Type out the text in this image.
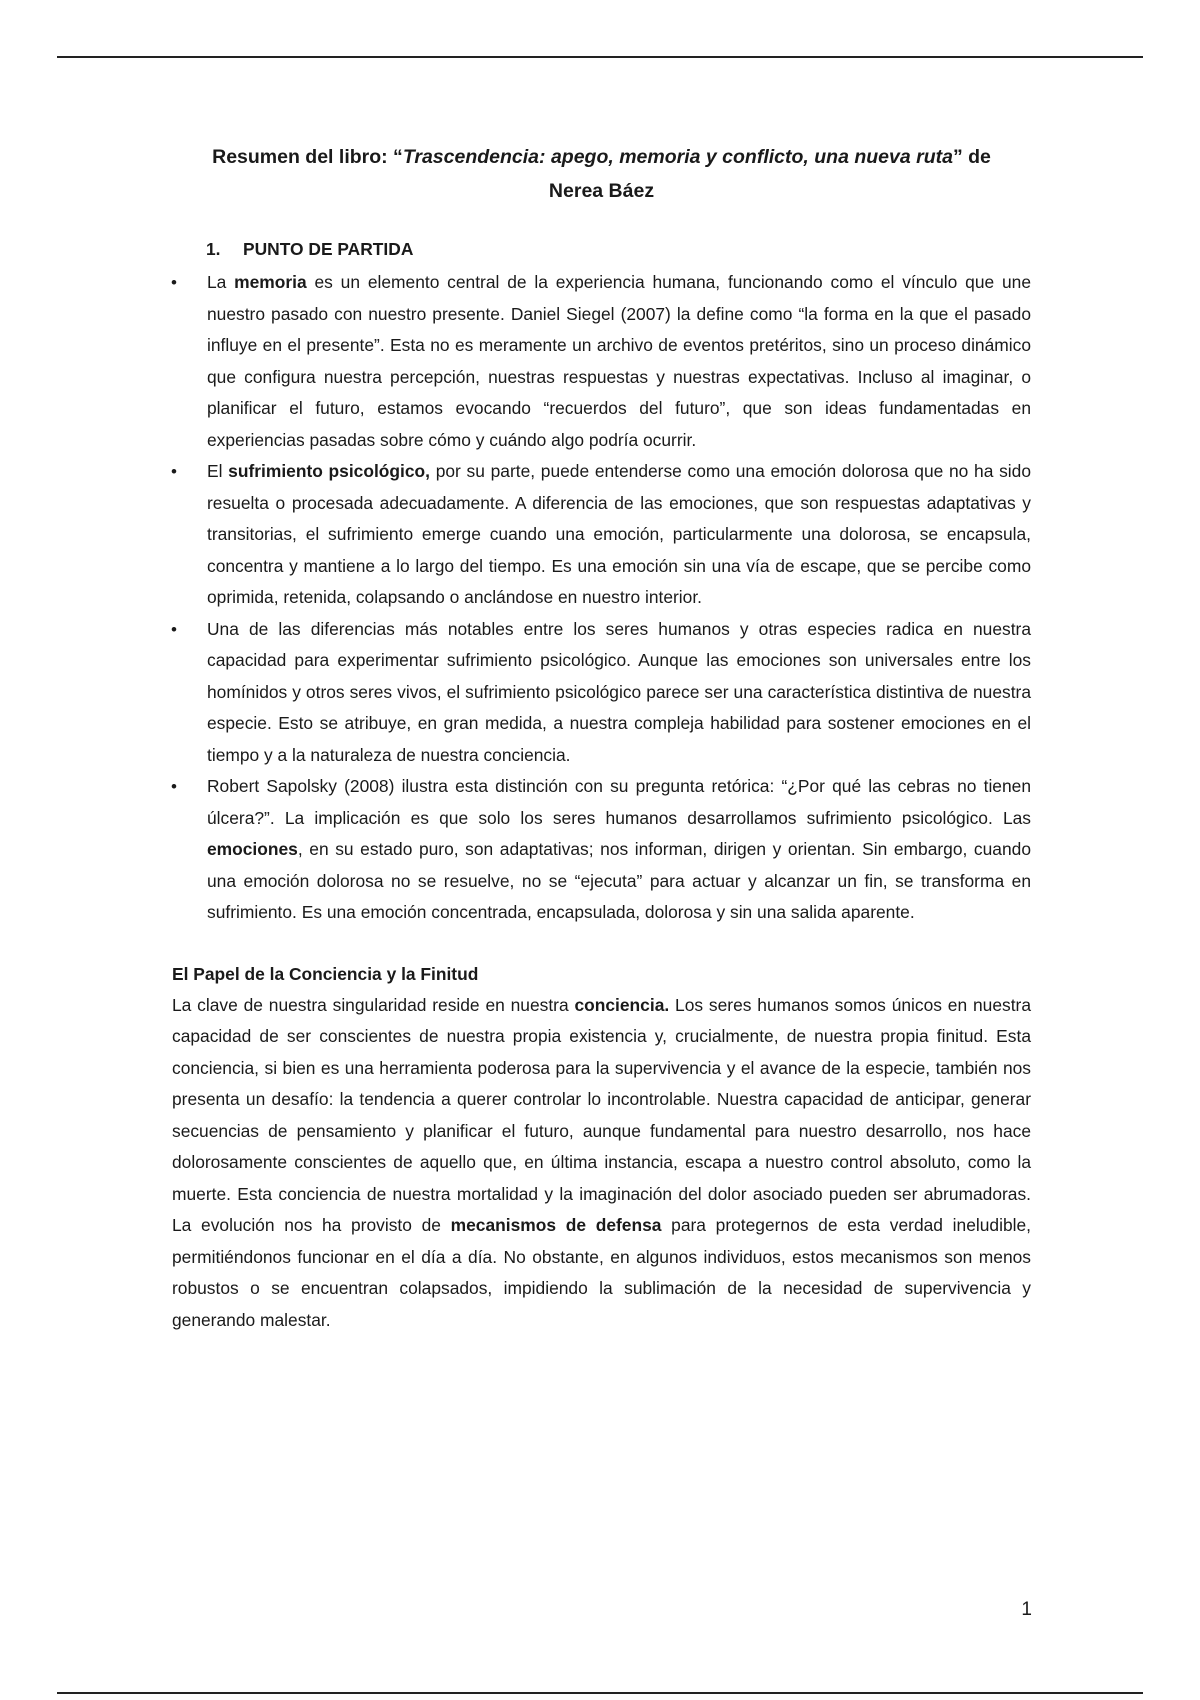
Resumen del libro: “Trascendencia: apego, memoria y conflicto, una nueva ruta” de
Nerea Báez
1. PUNTO DE PARTIDA
• La memoria es un elemento central de la experiencia humana, funcionando como el vínculo que une nuestro pasado con nuestro presente. Daniel Siegel (2007) la define como “la forma en la que el pasado influye en el presente”. Esta no es meramente un archivo de eventos pretéritos, sino un proceso dinámico que configura nuestra percepción, nuestras respuestas y nuestras expectativas. Incluso al imaginar, o planificar el futuro, estamos evocando “recuerdos del futuro”, que son ideas fundamentadas en experiencias pasadas sobre cómo y cuándo algo podría ocurrir.
• El sufrimiento psicológico, por su parte, puede entenderse como una emoción dolorosa que no ha sido resuelta o procesada adecuadamente. A diferencia de las emociones, que son respuestas adaptativas y transitorias, el sufrimiento emerge cuando una emoción, particularmente una dolorosa, se encapsula, concentra y mantiene a lo largo del tiempo. Es una emoción sin una vía de escape, que se percibe como oprimida, retenida, colapsando o anclándose en nuestro interior.
• Una de las diferencias más notables entre los seres humanos y otras especies radica en nuestra capacidad para experimentar sufrimiento psicológico. Aunque las emociones son universales entre los homínidos y otros seres vivos, el sufrimiento psicológico parece ser una característica distintiva de nuestra especie. Esto se atribuye, en gran medida, a nuestra compleja habilidad para sostener emociones en el tiempo y a la naturaleza de nuestra conciencia.
• Robert Sapolsky (2008) ilustra esta distinción con su pregunta retórica: “¿Por qué las cebras no tienen úlcera?”. La implicación es que solo los seres humanos desarrollamos sufrimiento psicológico. Las emociones, en su estado puro, son adaptativas; nos informan, dirigen y orientan. Sin embargo, cuando una emoción dolorosa no se resuelve, no se “ejecuta” para actuar y alcanzar un fin, se transforma en sufrimiento. Es una emoción concentrada, encapsulada, dolorosa y sin una salida aparente.
El Papel de la Conciencia y la Finitud

La clave de nuestra singularidad reside en nuestra conciencia. Los seres humanos somos únicos en nuestra capacidad de ser conscientes de nuestra propia existencia y, crucialmente, de nuestra propia finitud. Esta conciencia, si bien es una herramienta poderosa para la supervivencia y el avance de la especie, también nos presenta un desafío: la tendencia a querer controlar lo incontrolable. Nuestra capacidad de anticipar, generar secuencias de pensamiento y planificar el futuro, aunque fundamental para nuestro desarrollo, nos hace dolorosamente conscientes de aquello que, en última instancia, escapa a nuestro control absoluto, como la muerte. Esta conciencia de nuestra mortalidad y la imaginación del dolor asociado pueden ser abrumadoras. La evolución nos ha provisto de mecanismos de defensa para protegernos de esta verdad ineludible, permitiéndonos funcionar en el día a día. No obstante, en algunos individuos, estos mecanismos son menos robustos o se encuentran colapsados, impidiendo la sublimación de la necesidad de supervivencia y generando malestar.

1
